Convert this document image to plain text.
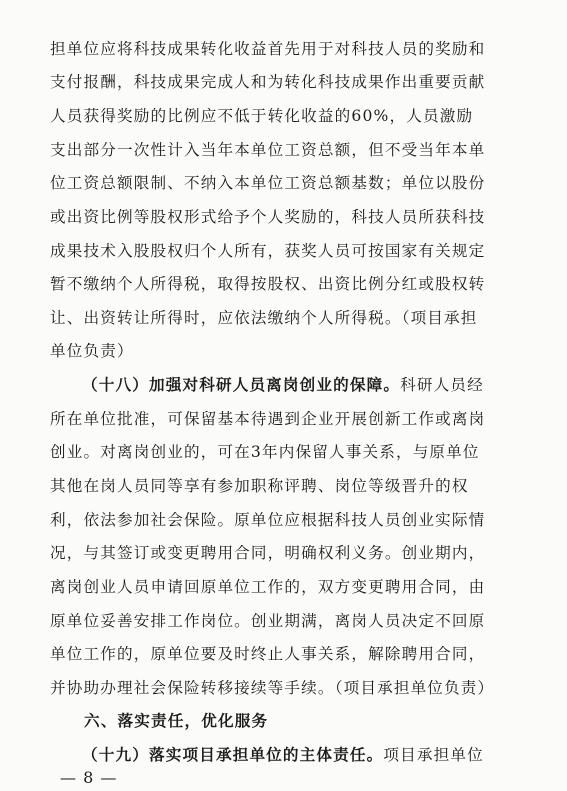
担单位应将科技成果转化收益首先用于对科技人员的奖励和
支付报酬，科技成果完成人和为转化科技成果作出重要贡献
人员获得奖励的比例应不低于转化收益的60%，人员激励
支出部分一次性计入当年本单位工资总额，但不受当年本单
位工资总额限制、不纳入本单位工资总额基数；单位以股份
或出资比例等股权形式给予个人奖励的，科技人员所获科技
成果技术入股股权归个人所有，获奖人员可按国家有关规定
暂不缴纳个人所得税，取得按股权、出资比例分红或股权转
让、出资转让所得时，应依法缴纳个人所得税。（项目承担
单位负责）
（十八）加强对科研人员离岗创业的保障。科研人员经
所在单位批准，可保留基本待遇到企业开展创新工作或离岗
创业。对离岗创业的，可在3年内保留人事关系，与原单位
其他在岗人员同等享有参加职称评聘、岗位等级晋升的权
利，依法参加社会保险。原单位应根据科技人员创业实际情
况，与其签订或变更聘用合同，明确权利义务。创业期内，
离岗创业人员申请回原单位工作的，双方变更聘用合同，由
原单位妥善安排工作岗位。创业期满，离岗人员决定不回原
单位工作的，原单位要及时终止人事关系，解除聘用合同，
并协助办理社会保险转移接续等手续。（项目承担单位负责）
六、落实责任，优化服务
（十九）落实项目承担单位的主体责任。项目承担单位
— 8 —
